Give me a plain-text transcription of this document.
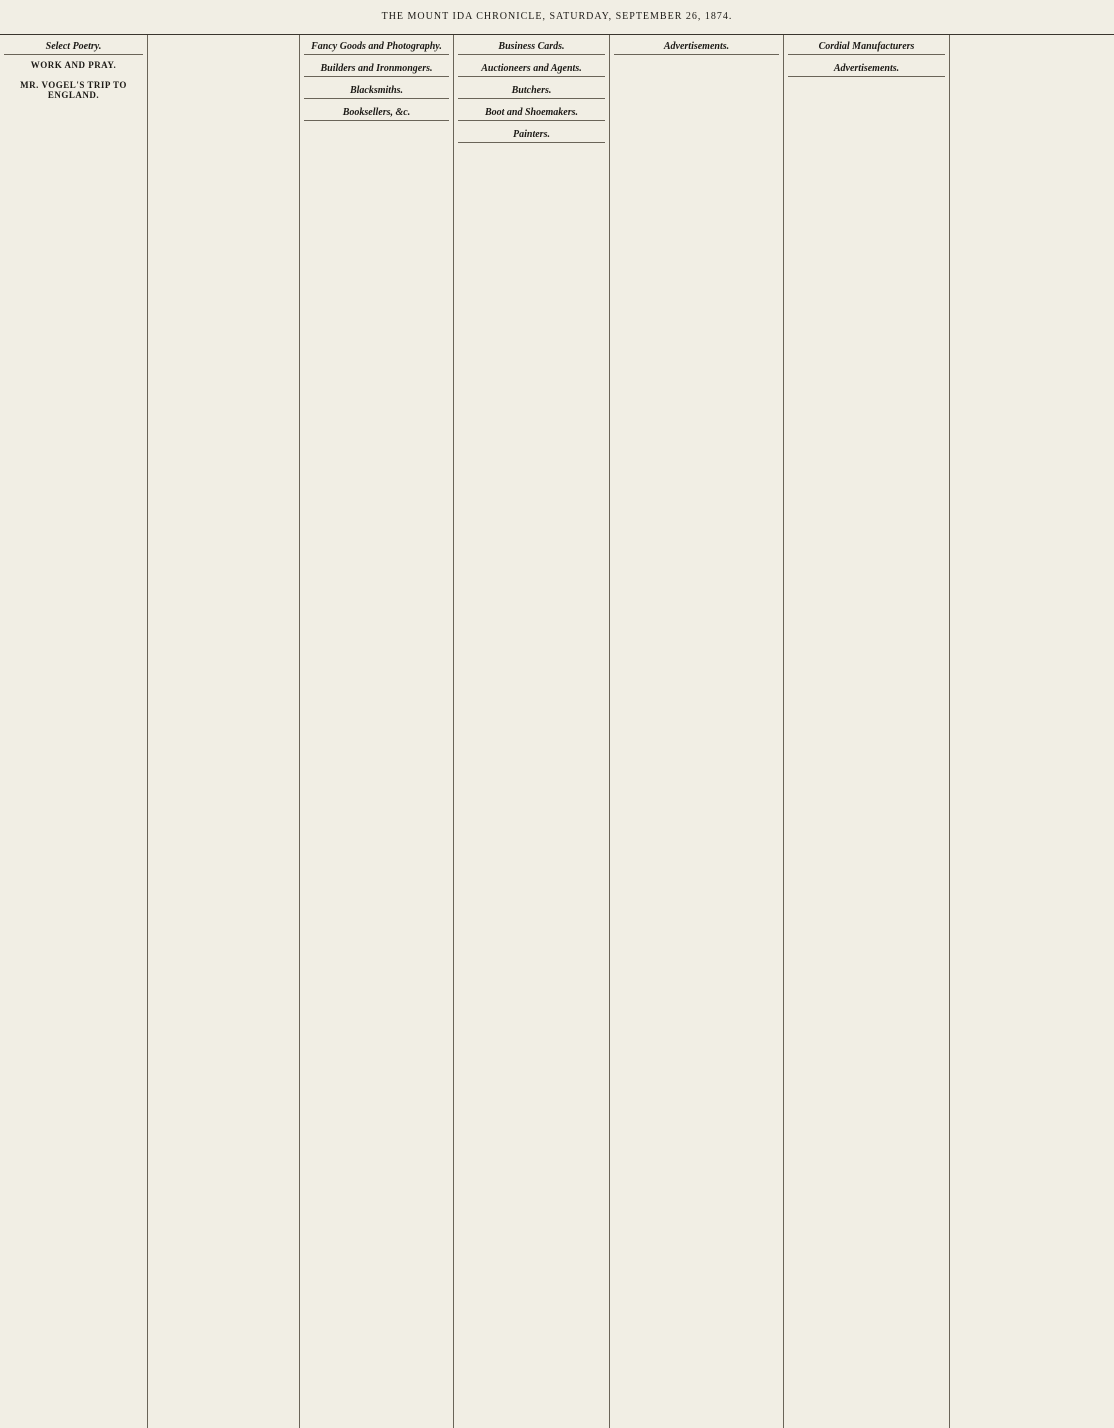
THE MOUNT IDA CHRONICLE, SATURDAY, SEPTEMBER 26, 1874.
Select Poetry.
WORK AND PRAY.
MR. VOGEL'S TRIP TO ENGLAND.
Fancy Goods and Photography.
Builders and Ironmongers.
Blacksmiths.
Booksellers, &c.
Business Cards.
Auctioneers and Agents.
Butchers.
Boot and Shoemakers.
Painters.
Advertisements.	Cordial Manufacturers
Advertisements.
